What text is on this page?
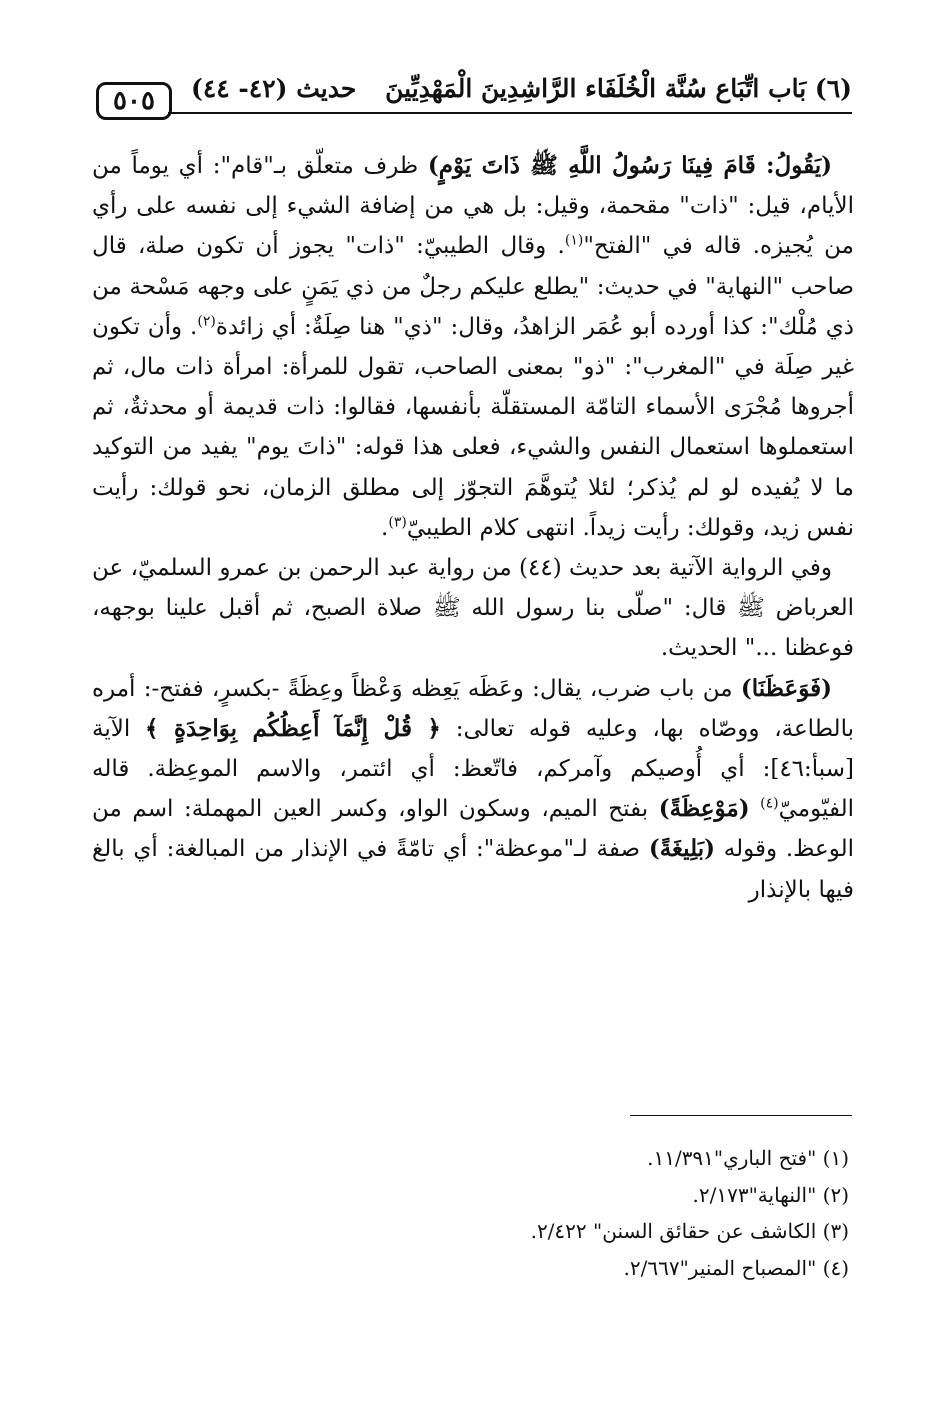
٥٠٥	حديث (٤٢- ٤٤) (٦) بَاب اتِّبَاع سُنَّة الْخُلَفَاء الرَّاشِدِينَ الْمَهْدِيِّينَ

(يَقُولُ: قَامَ فِينَا رَسُولُ اللَّهِ ﷺ ذَاتَ يَوْمٍ) ظرف متعلّق بـ"قام": أي يوماً من الأيام، قيل: "ذات" مقحمة، وقيل: بل هي من إضافة الشيء إلى نفسه على رأي من يُجيزه. قاله في "الفتح"$^{(١)}$. وقال الطيبيّ: "ذات" يجوز أن تكون صلة، قال صاحب "النهاية" في حديث: "يطلع عليكم رجلٌ من ذي يَمَنٍ على وجهه مَسْحة من ذي مُلْك": كذا أورده أبو عُمَر الزاهدُ، وقال: "ذي" هنا صِلَةٌ: أي زائدة$^{(٢)}$. وأن تكون غير صِلَة في "المغرب": "ذو" بمعنى الصاحب، تقول للمرأة: امرأة ذات مال، ثم أجروها مُجْرَى الأسماء التامّة المستقلّة بأنفسها، فقالوا: ذات قديمة أو محدثةٌ، ثم استعملوها استعمال النفس والشيء، فعلى هذا قوله: "ذاتَ يوم" يفيد من التوكيد ما لا يُفيده لو لم يُذكر؛ لئلا يُتوهَّمَ التجوّز إلى مطلق الزمان، نحو قولك: رأيت نفس زيد، وقولك: رأيت زيداً. انتهى كلام الطيبيّ$^{(٣)}$.

وفي الرواية الآتية بعد حديث (٤٤) من رواية عبد الرحمن بن عمرو السلميّ، عن العرباض ﷺ قال: "صلّى بنا رسول الله ﷺ صلاة الصبح، ثم أقبل علينا بوجهه، فوعظنا ..." الحديث.

(فَوَعَظَنَا) من باب ضرب، يقال: وعَظَه يَعِظه وَعْظاً وعِظَةً -بكسرٍ، ففتح-: أمره بالطاعة، ووصّاه بها، وعليه قوله تعالى: ﴿ قُلْ إِنَّمَآ أَعِظُكُم بِوَاحِدَةٍ ﴾ الآية [سبأ:٤٦]: أي أُوصيكم وآمركم، فاتّعظ: أي ائتمر، والاسم الموعِظة. قاله الفيّوميّ$^{(٤)}$ (مَوْعِظَةً) بفتح الميم، وسكون الواو، وكسر العين المهملة: اسم من الوعظ. وقوله (بَلِيغَةً) صفة لـ"موعظة": أي تامّةً في الإنذار من المبالغة: أي بالغ فيها بالإنذار

(١) "فتح الباري"١١/٣٩١.
(٢) "النهاية"٢/١٧٣.
(٣) الكاشف عن حقائق السنن" ٢/٤٢٢.
(٤) "المصباح المنير"٢/٦٦٧.
